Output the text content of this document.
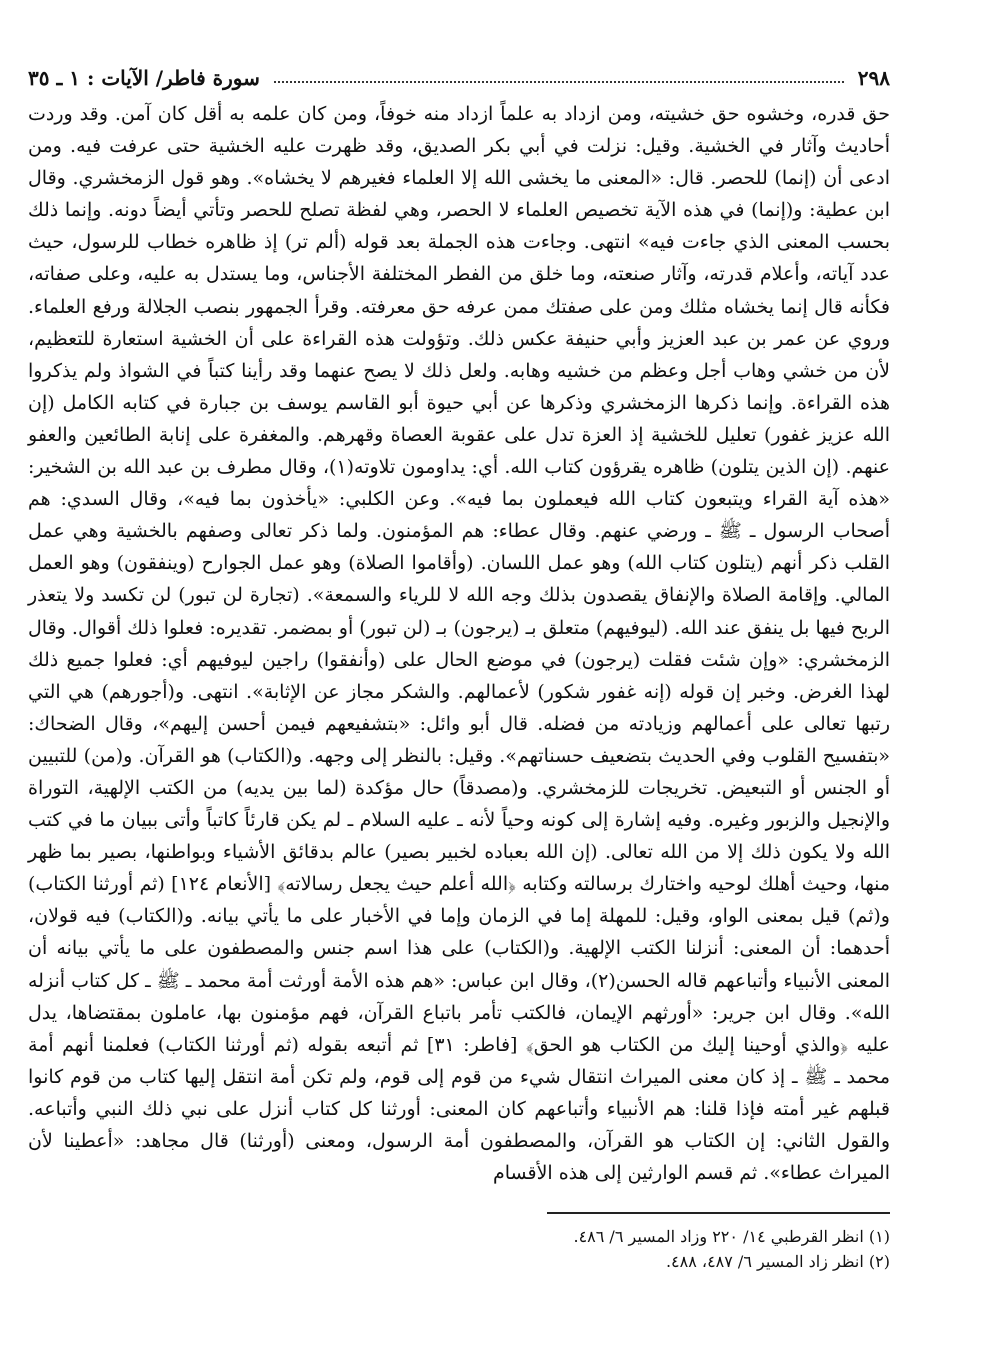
٢٩٨
سورة فاطر/ الآيات : ١ ـ ٣٥

حق قدره، وخشوه حق خشيته، ومن ازداد به علماً ازداد منه خوفاً، ومن كان علمه به أقل كان آمن. وقد وردت أحاديث وآثار في الخشية. وقيل: نزلت في أبي بكر الصديق، وقد ظهرت عليه الخشية حتى عرفت فيه. ومن ادعى أن (إنما) للحصر. قال: «المعنى ما يخشى الله إلا العلماء فغيرهم لا يخشاه». وهو قول الزمخشري. وقال ابن عطية: و(إنما) في هذه الآية تخصيص العلماء لا الحصر، وهي لفظة تصلح للحصر وتأتي أيضاً دونه. وإنما ذلك بحسب المعنى الذي جاءت فيه» انتهى. وجاءت هذه الجملة بعد قوله (ألم تر) إذ ظاهره خطاب للرسول، حيث عدد آياته، وأعلام قدرته، وآثار صنعته، وما خلق من الفطر المختلفة الأجناس، وما يستدل به عليه، وعلى صفاته، فكأنه قال إنما يخشاه مثلك ومن على صفتك ممن عرفه حق معرفته. وقرأ الجمهور بنصب الجلالة ورفع العلماء. وروي عن عمر بن عبد العزيز وأبي حنيفة عكس ذلك. وتؤولت هذه القراءة على أن الخشية استعارة للتعظيم، لأن من خشي وهاب أجل وعظم من خشيه وهابه. ولعل ذلك لا يصح عنهما وقد رأينا كتباً في الشواذ ولم يذكروا هذه القراءة. وإنما ذكرها الزمخشري وذكرها عن أبي حيوة أبو القاسم يوسف بن جبارة في كتابه الكامل (إن الله عزيز غفور) تعليل للخشية إذ العزة تدل على عقوبة العصاة وقهرهم. والمغفرة على إنابة الطائعين والعفو عنهم. (إن الذين يتلون) ظاهره يقرؤون كتاب الله. أي: يداومون تلاوته(١)، وقال مطرف بن عبد الله بن الشخير: «هذه آية القراء ويتبعون كتاب الله فيعملون بما فيه». وعن الكلبي: «يأخذون بما فيه»، وقال السدي: هم أصحاب الرسول ـ ﷺ ـ ورضي عنهم. وقال عطاء: هم المؤمنون. ولما ذكر تعالى وصفهم بالخشية وهي عمل القلب ذكر أنهم (يتلون كتاب الله) وهو عمل اللسان. (وأقاموا الصلاة) وهو عمل الجوارح (وينفقون) وهو العمل المالي. وإقامة الصلاة والإنفاق يقصدون بذلك وجه الله لا للرياء والسمعة». (تجارة لن تبور) لن تكسد ولا يتعذر الربح فيها بل ينفق عند الله. (ليوفيهم) متعلق بـ (يرجون) بـ (لن تبور) أو بمضمر. تقديره: فعلوا ذلك أقوال. وقال الزمخشري: «وإن شئت فقلت (يرجون) في موضع الحال على (وأنفقوا) راجين ليوفيهم أي: فعلوا جميع ذلك لهذا الغرض. وخبر إن قوله (إنه غفور شكور) لأعمالهم. والشكر مجاز عن الإثابة». انتهى. و(أجورهم) هي التي رتبها تعالى على أعمالهم وزيادته من فضله. قال أبو وائل: «بتشفيعهم فيمن أحسن إليهم»، وقال الضحاك: «بتفسيح القلوب وفي الحديث بتضعيف حسناتهم». وقيل: بالنظر إلى وجهه. و(الكتاب) هو القرآن. و(من) للتبيين أو الجنس أو التبعيض. تخريجات للزمخشري. و(مصدقاً) حال مؤكدة (لما بين يديه) من الكتب الإلهية، التوراة والإنجيل والزبور وغيره. وفيه إشارة إلى كونه وحياً لأنه ـ عليه السلام ـ لم يكن قارئاً كاتباً وأتى ببيان ما في كتب الله ولا يكون ذلك إلا من الله تعالى. (إن الله بعباده لخبير بصير) عالم بدقائق الأشياء وبواطنها، بصير بما ظهر منها، وحيث أهلك لوحيه واختارك برسالته وكتابه ﴿الله أعلم حيث يجعل رسالاته﴾ [الأنعام ١٢٤] (ثم أورثنا الكتاب) و(ثم) قيل بمعنى الواو، وقيل: للمهلة إما في الزمان وإما في الأخبار على ما يأتي بيانه. و(الكتاب) فيه قولان، أحدهما: أن المعنى: أنزلنا الكتب الإلهية. و(الكتاب) على هذا اسم جنس والمصطفون على ما يأتي بيانه أن المعنى الأنبياء وأتباعهم قاله الحسن(٢)، وقال ابن عباس: «هم هذه الأمة أورثت أمة محمد ـ ﷺ ـ كل كتاب أنزله الله». وقال ابن جرير: «أورثهم الإيمان، فالكتب تأمر باتباع القرآن، فهم مؤمنون بها، عاملون بمقتضاها، يدل عليه ﴿والذي أوحينا إليك من الكتاب هو الحق﴾ [فاطر: ٣١] ثم أتبعه بقوله (ثم أورثنا الكتاب) فعلمنا أنهم أمة محمد ـ ﷺ ـ إذ كان معنى الميراث انتقال شيء من قوم إلى قوم، ولم تكن أمة انتقل إليها كتاب من قوم كانوا قبلهم غير أمته فإذا قلنا: هم الأنبياء وأتباعهم كان المعنى: أورثنا كل كتاب أنزل على نبي ذلك النبي وأتباعه. والقول الثاني: إن الكتاب هو القرآن، والمصطفون أمة الرسول، ومعنى (أورثنا) قال مجاهد: «أعطينا لأن الميراث عطاء». ثم قسم الوارثين إلى هذه الأقسام

(١) انظر القرطبي ١٤/ ٢٢٠ وزاد المسير ٦/ ٤٨٦.
(٢) انظر زاد المسير ٦/ ٤٨٧، ٤٨٨.
